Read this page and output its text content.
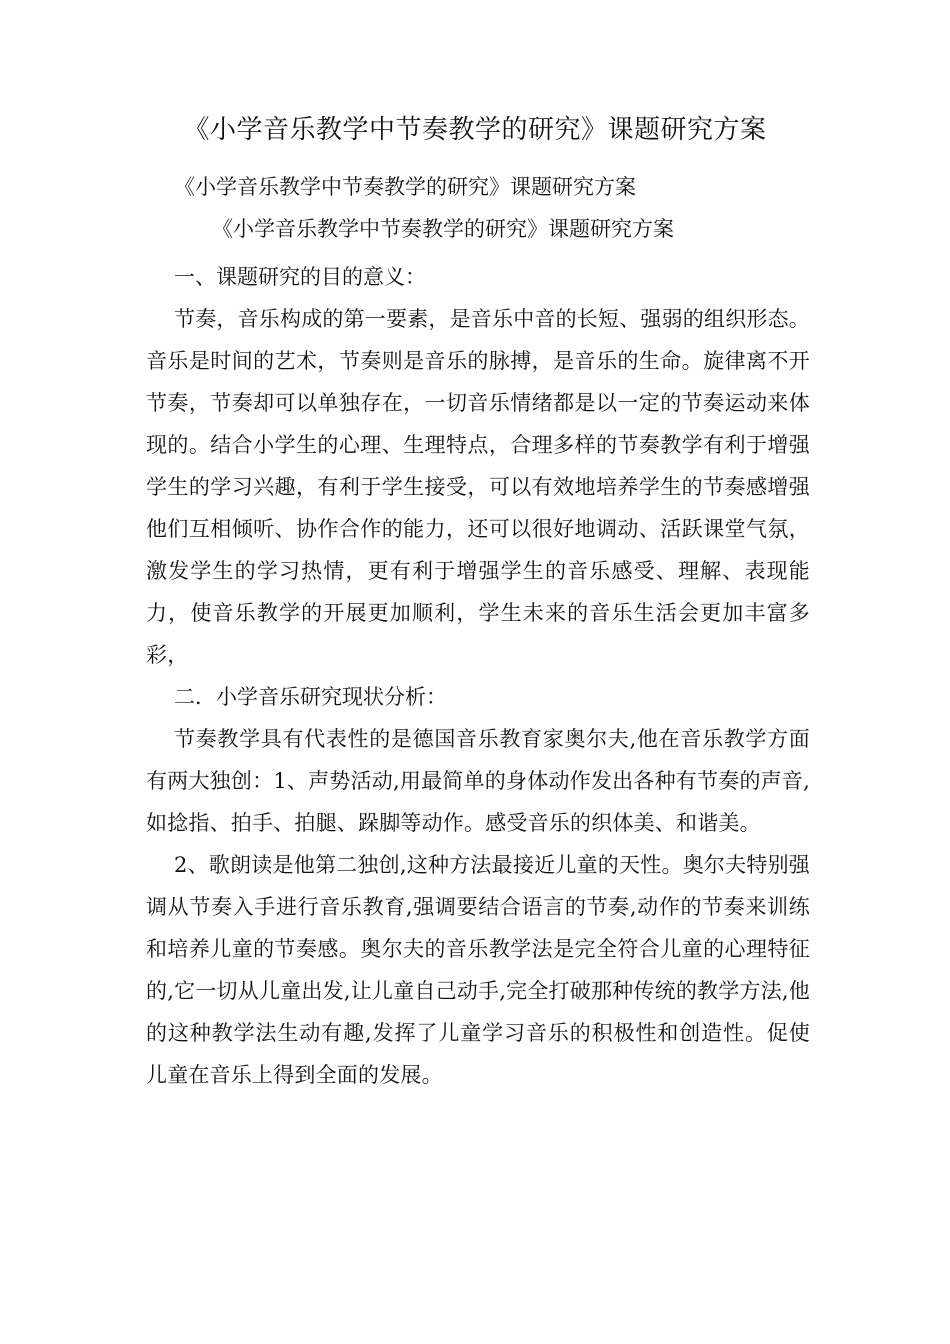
《小学音乐教学中节奏教学的研究》课题研究方案
《小学音乐教学中节奏教学的研究》课题研究方案
《小学音乐教学中节奏教学的研究》课题研究方案

一、课题研究的目的意义：

节奏，音乐构成的第一要素，是音乐中音的长短、强弱的组织形态。音乐是时间的艺术，节奏则是音乐的脉搏，是音乐的生命。旋律离不开节奏，节奏却可以单独存在，一切音乐情绪都是以一定的节奏运动来体现的。结合小学生的心理、生理特点，合理多样的节奏教学有利于增强学生的学习兴趣，有利于学生接受，可以有效地培养学生的节奏感增强他们互相倾听、协作合作的能力，还可以很好地调动、活跃课堂气氛，激发学生的学习热情，更有利于增强学生的音乐感受、理解、表现能力，使音乐教学的开展更加顺利，学生未来的音乐生活会更加丰富多彩，

二．小学音乐研究现状分析：

节奏教学具有代表性的是德国音乐教育家奥尔夫,他在音乐教学方面有两大独创：1、声势活动,用最简单的身体动作发出各种有节奏的声音,如捻指、拍手、拍腿、跺脚等动作。感受音乐的织体美、和谐美。

2、歌朗读是他第二独创,这种方法最接近儿童的天性。奥尔夫特别强调从节奏入手进行音乐教育,强调要结合语言的节奏,动作的节奏来训练和培养儿童的节奏感。奥尔夫的音乐教学法是完全符合儿童的心理特征的,它一切从儿童出发,让儿童自己动手,完全打破那种传统的教学方法,他的这种教学法生动有趣,发挥了儿童学习音乐的积极性和创造性。促使儿童在音乐上得到全面的发展。
